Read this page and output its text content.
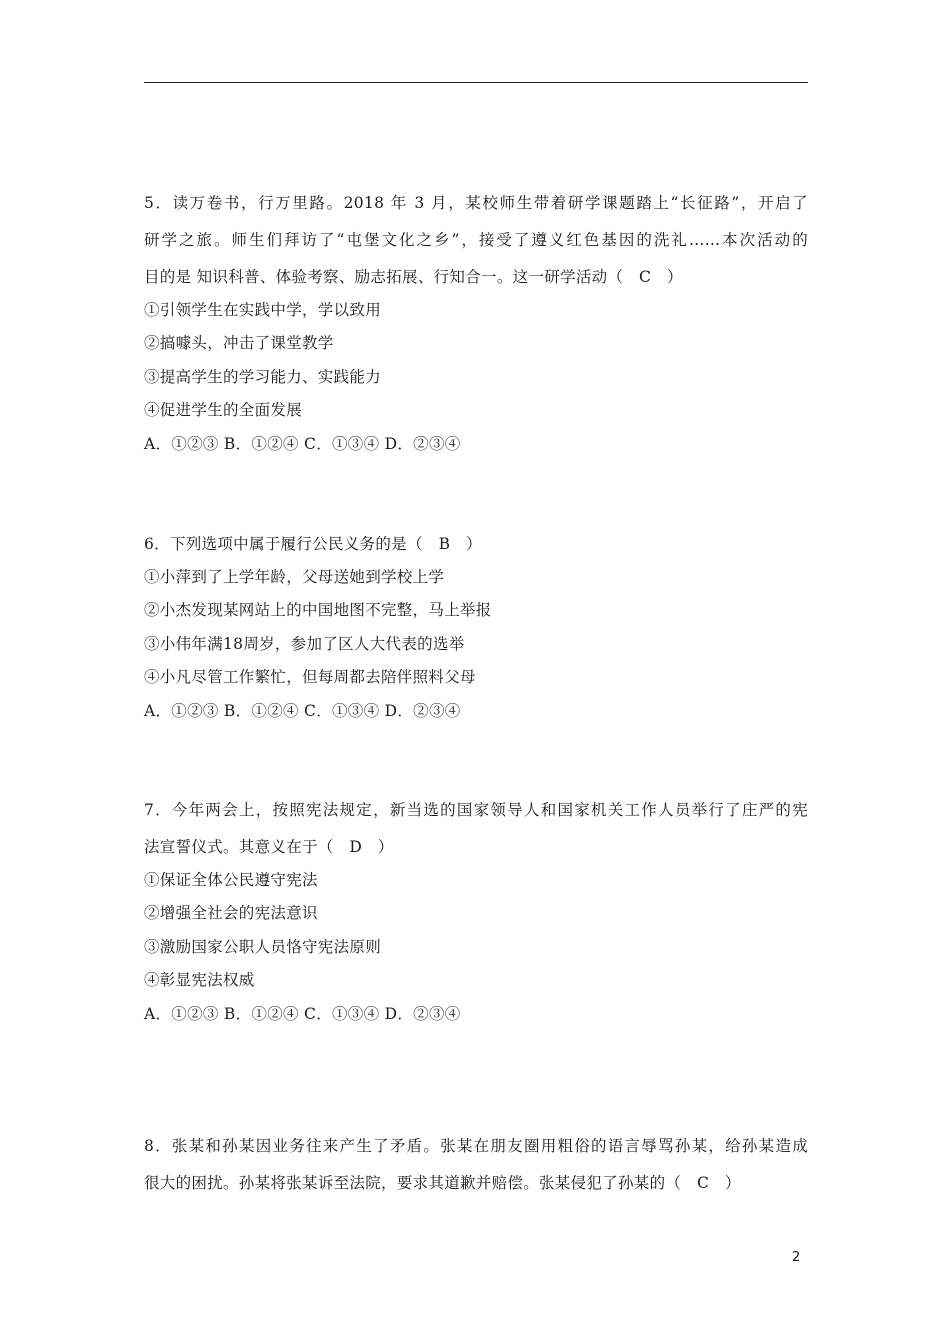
5．读万卷书，行万里路。2018 年 3 月，某校师生带着研学课题踏上“长征路”，开启了
研学之旅。师生们拜访了“屯堡文化之乡”，接受了遵义红色基因的洗礼……本次活动的
目的是 知识科普、体验考察、励志拓展、行知合一。这一研学活动（　C　）
①引领学生在实践中学，学以致用
②搞噱头，冲击了课堂教学
③提高学生的学习能力、实践能力
④促进学生的全面发展
A．①②③ B．①②④ C．①③④ D．②③④
6．下列选项中属于履行公民义务的是（　B　）
①小萍到了上学年龄，父母送她到学校上学
②小杰发现某网站上的中国地图不完整，马上举报
③小伟年满18周岁，参加了区人大代表的选举
④小凡尽管工作繁忙，但每周都去陪伴照料父母
A．①②③ B．①②④ C．①③④ D．②③④
7．今年两会上，按照宪法规定，新当选的国家领导人和国家机关工作人员举行了庄严的宪
法宣誓仪式。其意义在于（　D　）
①保证全体公民遵守宪法
②增强全社会的宪法意识
③激励国家公职人员恪守宪法原则
④彰显宪法权威
A．①②③ B．①②④ C．①③④ D．②③④
8．张某和孙某因业务往来产生了矛盾。张某在朋友圈用粗俗的语言辱骂孙某，给孙某造成
很大的困扰。孙某将张某诉至法院，要求其道歉并赔偿。张某侵犯了孙某的（　C　）
2
